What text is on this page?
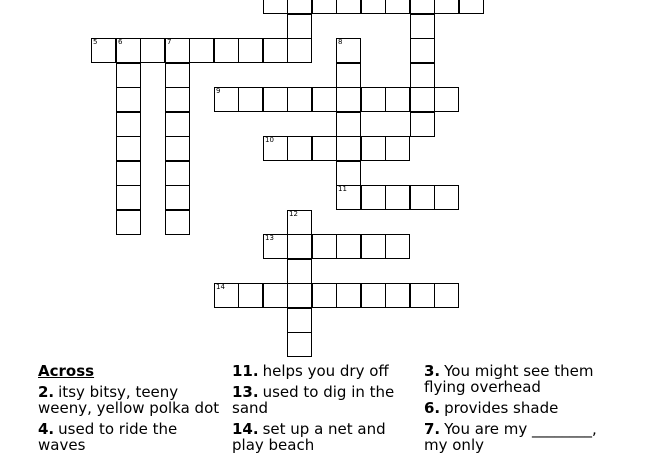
5	6	7	8
9
10
11
12
13
14
Across
2. itsy bitsy, teeny weeny, yellow polka dot
4. used to ride the waves
11. helps you dry off
13. used to dig in the sand
14. set up a net and play beach
3. You might see them flying overhead
6. provides shade
7. You are my ________, my only
